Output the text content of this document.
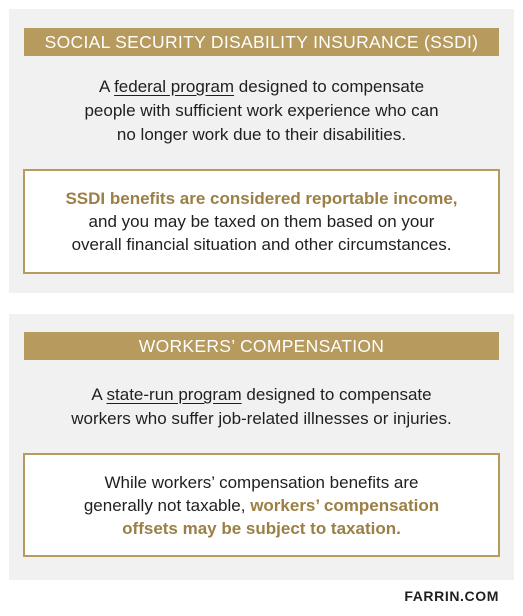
SOCIAL SECURITY DISABILITY INSURANCE (SSDI)

A federal program designed to compensate
people with sufficient work experience who can
no longer work due to their disabilities.

SSDI benefits are considered reportable income,
and you may be taxed on them based on your
overall financial situation and other circumstances.
WORKERS’ COMPENSATION

A state-run program designed to compensate
workers who suffer job-related illnesses or injuries.

While workers’ compensation benefits are
generally not taxable, workers’ compensation
offsets may be subject to taxation.
FARRIN.COM
